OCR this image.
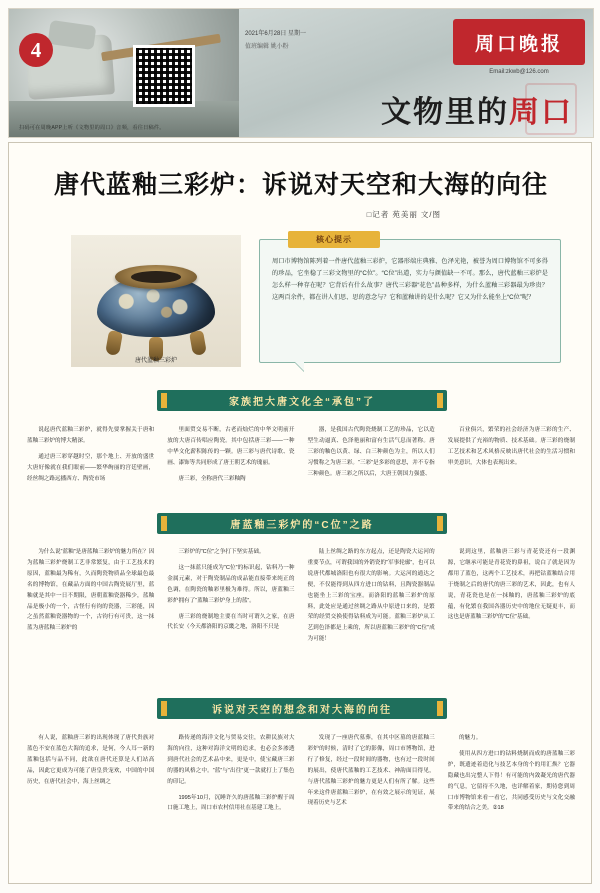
4
扫码可在周晚APP上听《文物里的周口》音频，看往日稿件。
2021年6月28日 星期一
值班编辑 姚小粉	周口晚报
Email:zkwb@126.com
文物里的周口
唐代蓝釉三彩炉：诉说对天空和大海的向往
□记者 苑美丽 文/图
唐代蓝釉三彩炉
核心提示
周口市博物馆陈列着一件唐代蓝釉三彩炉，它器形端庄典雅、色泽光艳，被誉为周口博物馆不可多得的珍品，它坐稳了三彩文物里的“C位”。“C位”出道，实力与颜值缺一不可。那么，唐代蓝釉三彩炉是怎么样一种存在呢？它背后有什么故事？唐代三彩器“花色”品种多样，为什么蓝釉三彩器最为珍贵？这两百余件，都在讲人们思、思的意念与？它和蓝釉讲的是什么呢？它又为什么能坐上“C位”呢？
家族把大唐文化全“承包”了

说起唐代蓝釉三彩炉，就得先要掌握关于唐和蓝釉三彩炉的博大精深。

通过唐三彩穿越时空，那个地上、开放的盛世大唐好像就在我们眼前——繁华绚丽的宫廷壁画，经丝绸之路远播西方、陶瓷市场

里面贸交易不断，古老而灿烂的中华文明前开放的大唐百传唱应陶瓷。其中包括唐三彩——一种中华文化薪积陈传的一颗。唐三彩与唐代诗歌、瓷画、漆饰等共同形成了唐王朝艺术的瑰丽。

唐三彩，全称唐代三彩釉陶

器，是我国古代陶瓷烧制工艺的珍品，它以造型生动逼真、色泽艳丽和富有生活气息而著称。唐三彩的釉色以黄、绿、白三种颜色为主，所以人们习惯称之为唐三彩。“三彩”是多彩的意思，并不专指三种颜色。唐三彩之所以后，大唐王朝国力强盛、

百业俱兴，繁荣的社会经济为唐三彩的生产、发展提供了充裕的物质、技术基础。唐三彩的烧制工艺技术和艺术风格反映出唐代社会的生活习惯和审美意识，大体也表现出来。

唐蓝釉三彩炉的“C位”之路

为什么说“蓝釉”是唐蓝釉三彩炉的魅力所在？因为蓝釉三彩炉烧制工艺非常繁复，由于工艺技术的原因，蓝釉最为稀有，久而陶瓷物质品全球最色最名的博物馆，在藏品方面的中国古陶瓷展厅里，蓝釉就是其中一日不期限，唐朝蓝釉瓷器稀少，蓝釉品是极小的一个，古怪行有钧的瓷器，三彩能，因之虽然蓝釉瓷器物的一个，古钧行有可贵，这一抹蓝为唐蓝釉三彩炉的

三彩炉的“C位”之争打下坚实基础。

这一抹蓝只能成为“C位”的标识起，钴料乃一种金属元素，对于陶瓷制品的成品能直接带来纯正的色调，在陶瓷的釉彩里极为难得。所以，唐蓝釉三彩炉拥有了“蓝釉三彩炉身上的蓝”。

唐三彩的烧制地主要在当时可谓久之家，在唐代长安（今天都洛阳的京畿之地，洛阳不只是

陆上丝绸之路的东方起点，还是陶瓷大运河的重要节点，可谓我国的外销瓷的“军事轮廓”，也可以说唐代都城洛阳也有很大的影响。大运河的通达之便，不仅能得到从四方进口的钴料，且陶瓷器制品也能坐上三彩的宝座。而洛阳的蓝釉三彩炉的原料，此处应是通过丝绸之路从中原进口来的，是繁荣的经贸交换使得钴料成为可能。蓝釉三彩炉从工艺到色泽都是上乘的，所以唐蓝釉三彩炉的“C位”成为可能！

说到这里，蓝釉唐三彩与青花瓷还有一段渊源，它继承可能是青花瓷的鼻祖，说白了就是因为都用了蓝色，这两个工艺技术，再把钴蓝釉结合用于烧制之后的唐代的唐三彩的艺术，因此，也有人说，青花瓷也是在一抹釉的，唐蓝釉三彩炉的底蕴，有化繁在我国各器历史中的地位无疑更丰，而这也是唐蓝釉三彩炉的“C位”基础。

诉说对天空的想念和对大海的向往

有人说，蓝釉唐三彩的出现体现了唐代贵族对蓝色不安在蓝色大海的追求，是何，今人耳一新的蓝釉包括与品不同，此欲在唐代还算是人们站高品，因此它更成为可能了唐皇贵宠欢，中国的中国历史，在唐代社会中，海上丝绸之

路传递的海洋文化与贸易交往，农耕民族对大海的向往，这种对海洋文明的追求，也必会多渗透到唐代社会的艺术品中来，更是中，使宝藏唐三彩的器的风格之中。“蓝”与“出往”更一款就打上了集色的印记。

1995年10月，沉睡许久的唐蓝釉三彩炉醒于周口施工地上，周口市农村信用社在基建工地上，

发现了一座唐代墓葬，在其中区墓的唐蓝釉三彩炉的时候，清时了它的影像，周口市博物馆，进行了修复，经过一段时间的器物，也有过一段时间的展出，使唐代蓝釉的工艺技术、神韵面目得见，与唐代蓝釉三彩炉的魅力更是人们有所了解。这些年来这件唐蓝釉三彩炉，在有效之展示的见证，展现着历史与艺术

的魅力。

使用从四方进口的钴料烧制而成的唐蓝釉三彩炉，既遗迹着造化与技艺本身的个的用汇焕？它器隐藏也出完整人下得！有可能的内敛凝光的唐代器的气息，它留待不久地，也详解着家，期待您到周口市博物馆来看一看它，共同感受历史与文化交融带来的结合之美。②18
